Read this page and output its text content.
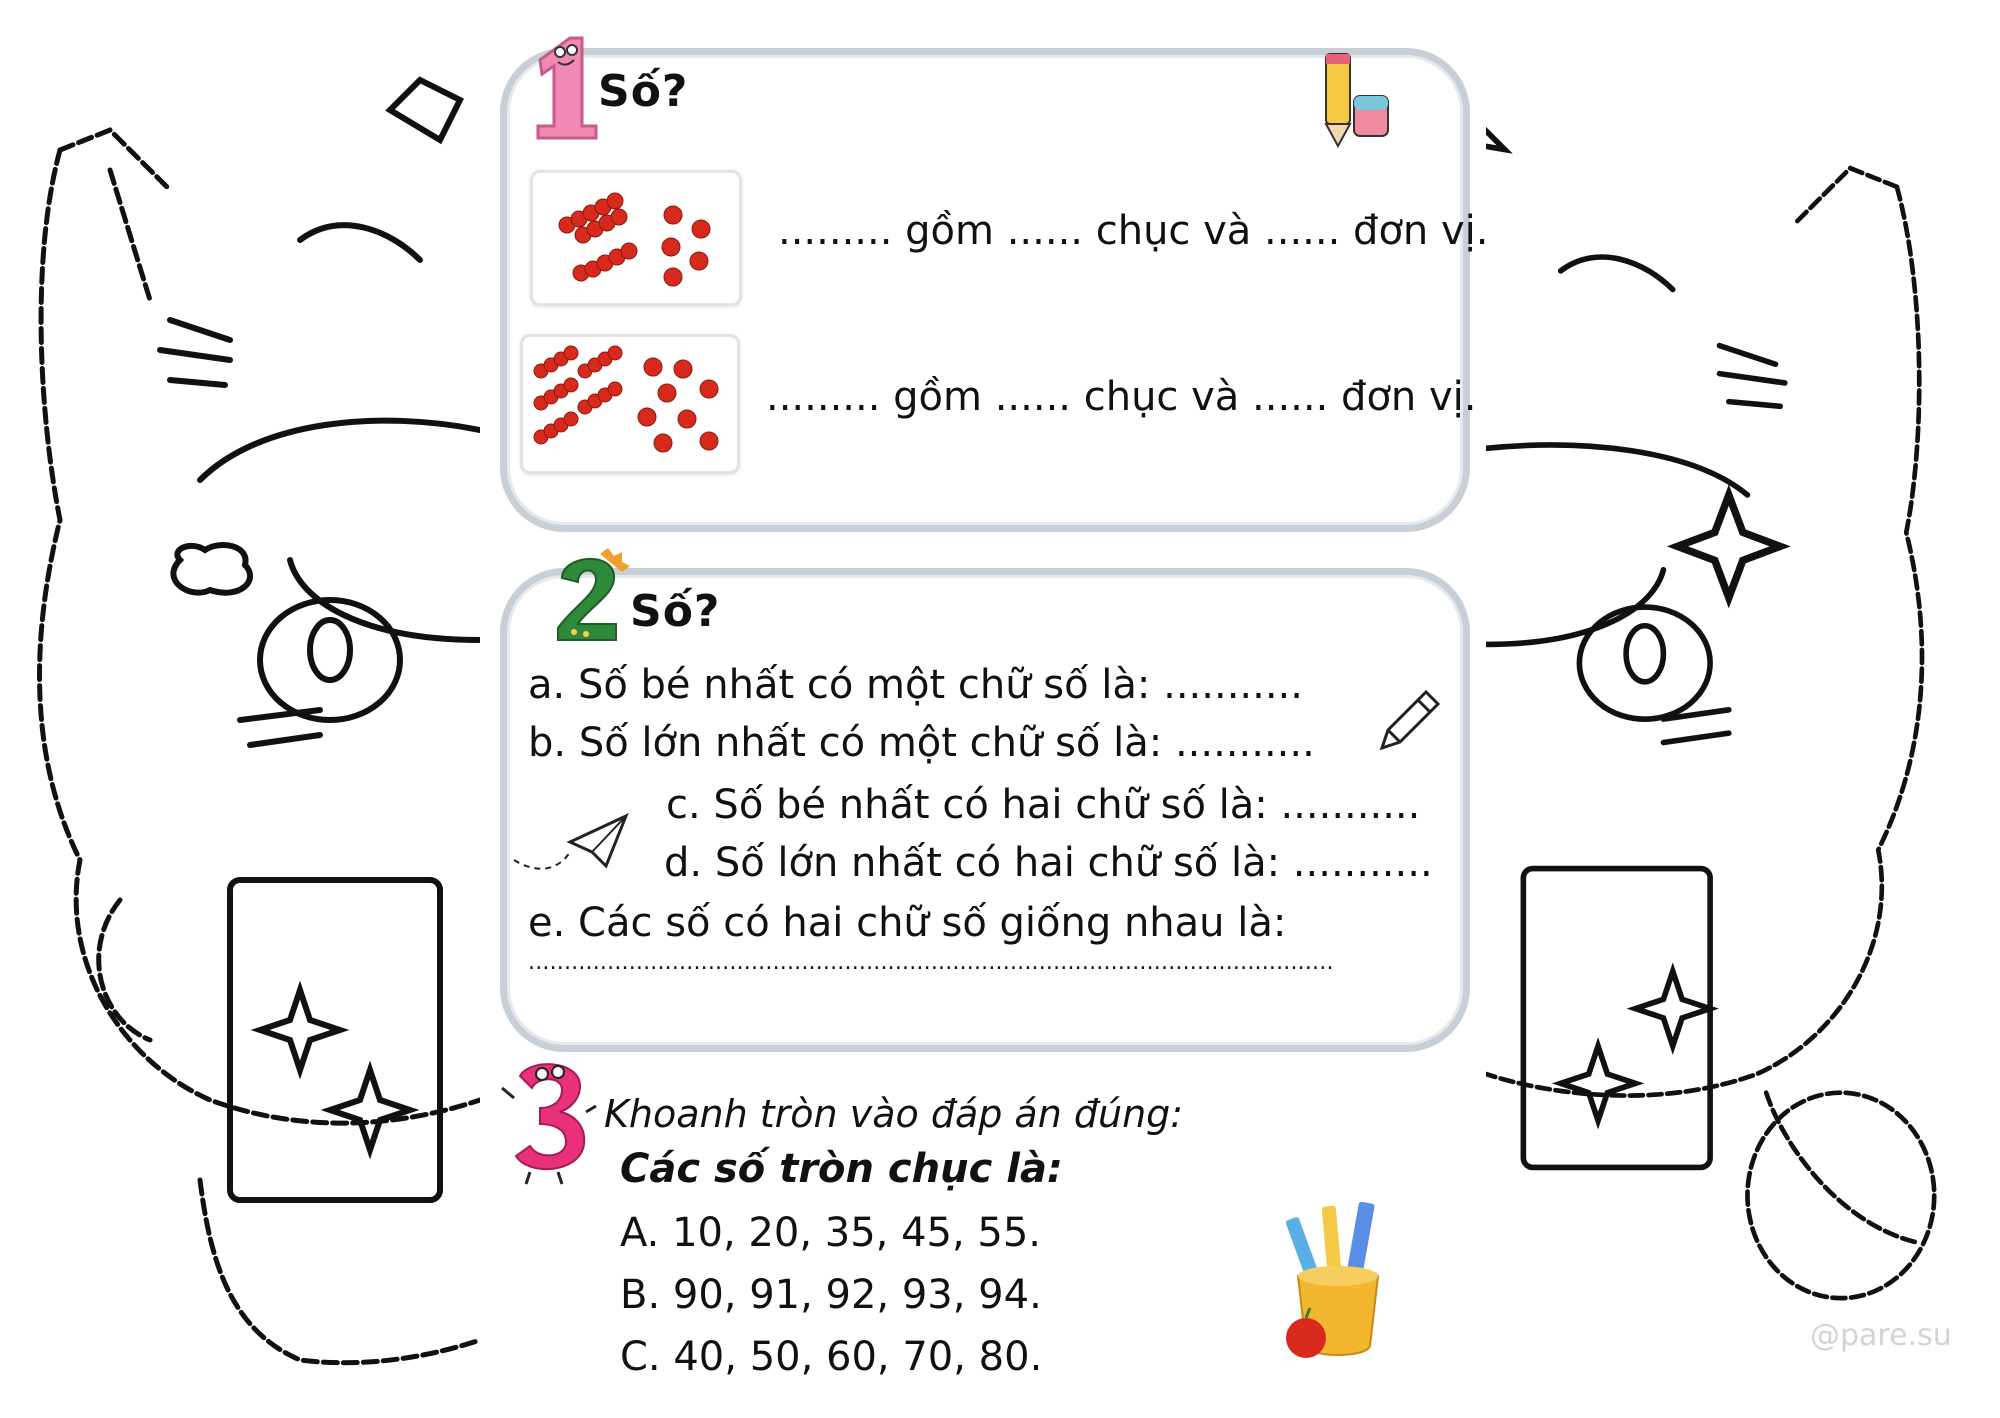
Số?
......... gồm ...... chục và ...... đơn vị.
......... gồm ...... chục và ...... đơn vị.
Số?
a. Số bé nhất có một chữ số là: ...........
b. Số lớn nhất có một chữ số là: ...........
c. Số bé nhất có hai chữ số là: ...........
d. Số lớn nhất có hai chữ số là: ...........
e. Các số có hai chữ số giống nhau là:
................................................................................................................
Khoanh tròn vào đáp án đúng:
Các số tròn chục là:
A. 10, 20, 35, 45, 55.
B. 90, 91, 92, 93, 94.
C. 40, 50, 60, 70, 80.	@pare.su
